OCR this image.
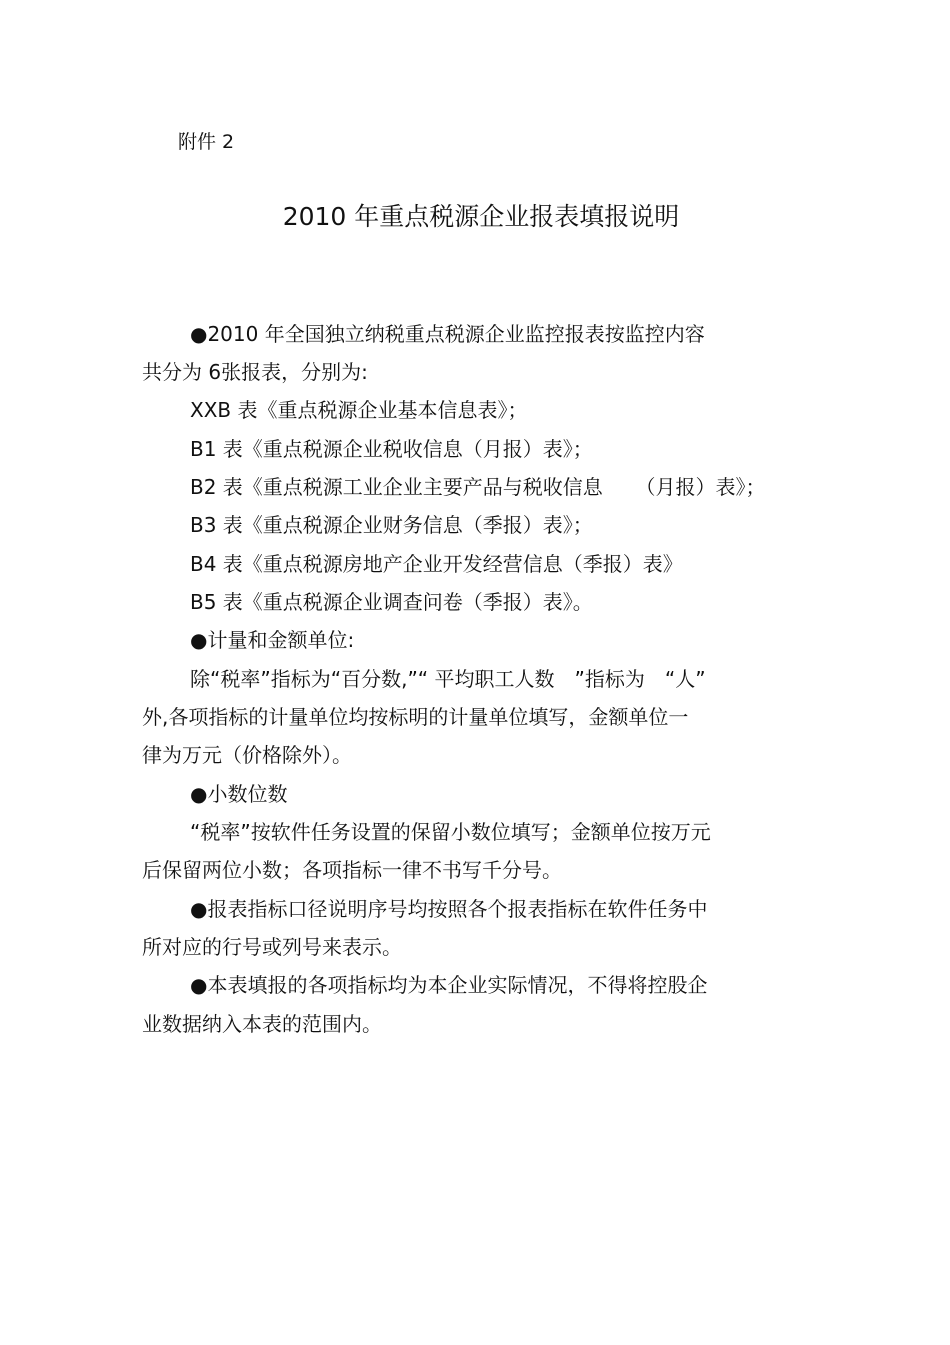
附件 2
2010 年重点税源企业报表填报说明
●2010 年全国独立纳税重点税源企业监控报表按监控内容
共分为 6张报表，分别为:
XXB 表《重点税源企业基本信息表》；
B1 表《重点税源企业税收信息（月报）表》；
B2 表《重点税源工业企业主要产品与税收信息　  （月报）表》；
B3 表《重点税源企业财务信息（季报）表》；
B4 表《重点税源房地产企业开发经营信息（季报）表》
B5 表《重点税源企业调查问卷（季报）表》。
●计量和金额单位:
除“税率”指标为“百分数,”“ 平均职工人数　”指标为　“人”
外,各项指标的计量单位均按标明的计量单位填写，金额单位一
律为万元（价格除外）。
●小数位数
“税率”按软件任务设置的保留小数位填写；金额单位按万元
后保留两位小数；各项指标一律不书写千分号。
●报表指标口径说明序号均按照各个报表指标在软件任务中
所对应的行号或列号来表示。
●本表填报的各项指标均为本企业实际情况，不得将控股企
业数据纳入本表的范围内。
